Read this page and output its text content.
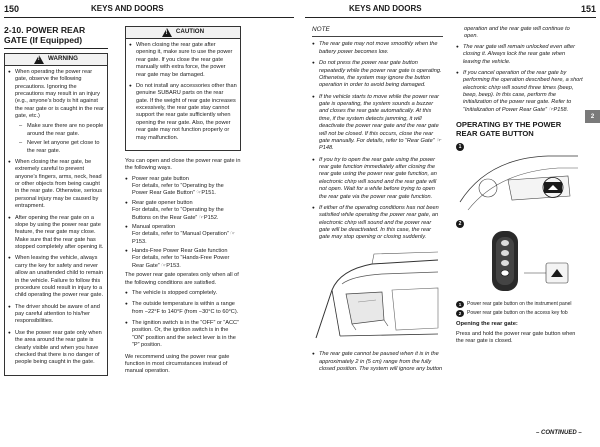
150	KEYS AND DOORS	KEYS AND DOORS	151
2-10. POWER REAR GATE (If Equipped)
!
WARNING
● When operating the power rear gate, observe the following precautions. Ignoring the precautions may result in an injury (e.g., anyone’s body is hit against the rear gate or is caught in the rear gate, etc.)
– Make sure there are no people around the rear gate.
– Never let anyone get close to the rear gate.
● When closing the rear gate, be extremely careful to prevent anyone’s fingers, arms, neck, head or other objects from being caught in the rear gate. Otherwise, serious personal injury may be caused by entrapment.
● After opening the rear gate on a slope by using the power rear gate feature, the rear gate may close. Make sure that the rear gate has stopped completely after opening it.
● When leaving the vehicle, always carry the key for safety and never allow an unattended child to remain in the vehicle. Failure to follow this procedure could result in injury to a child operating the power rear gate.
● The driver should be aware of and pay careful attention to his/her responsibilities.
● Use the power rear gate only when the area around the rear gate is clearly visible and when you have checked that there is no danger of people being caught in the gate.
!
CAUTION
● When closing the rear gate after opening it, make sure to use the power rear gate. If you close the rear gate manually with extra force, the power rear gate may be damaged.
● Do not install any accessories other than genuine SUBARU parts on the rear gate. If the weight of rear gate increases excessively, the rear gate stay cannot support the rear gate sufficiently when opening the rear gate. Also, the power rear gate may not function properly or may malfunction.
You can open and close the power rear gate in the following ways.
● Power rear gate button
For details, refer to “Operating by the Power Rear Gate Button” ☞P151.
● Rear gate opener button
For details, refer to “Operating by the Buttons on the Rear Gate” ☞P152.
● Manual operation
For details, refer to “Manual Operation” ☞P153.
● Hands-Free Power Rear Gate function
For details, refer to “Hands-Free Power Rear Gate” ☞P153.
The power rear gate operates only when all of the following conditions are satisfied.
● The vehicle is stopped completely.
● The outside temperature is within a range from −22°F to 140°F (from −30°C to 60°C).
● The ignition switch is in the “OFF” or “ACC” position. Or, the ignition switch is in the “ON” position and the select lever is in the “P” position.
We recommend using the power rear gate function in most circumstances instead of manual operation.
NOTE
● The rear gate may not move smoothly when the battery power becomes low.
● Do not press the power rear gate button repeatedly while the power rear gate is operating. Otherwise, the system may ignore the button operation in order to avoid being damaged.
● If the vehicle starts to move while the power rear gate is operating, the system sounds a buzzer and closes the rear gate automatically. At this time, if the system detects jamming, it will deactivate the power rear gate and the rear gate will not be closed. If this occurs, close the rear gate manually. For details, refer to “Rear Gate” ☞P148.
● If you try to open the rear gate using the power rear gate function immediately after closing the rear gate using the power rear gate function, an electronic chirp will sound and the rear gate will not open. Wait for a while before trying to open the rear gate via the power rear gate function.
● If either of the operating conditions has not been satisfied while operating the power rear gate, an electronic chirp will sound and the power rear gate will be deactivated. In this case, the rear gate may stop opening or closing suddenly.
● The rear gate cannot be paused when it is in the approximately 2 in (5 cm) range from the fully closed position. The system will ignore any button
2
operation and the rear gate will continue to open.
● The rear gate will remain unlocked even after closing it. Always lock the rear gate when leaving the vehicle.
● If you cancel operation of the rear gate by performing the operation described here, a short electronic chirp will sound three times (beep, beep, beep). In this case, perform the initialization of the power rear gate. Refer to “Initialization of Power Rear Gate” ☞P158.
OPERATING BY THE POWER REAR GATE BUTTON
1
2
1	Power rear gate button on the instrument panel
2	Power rear gate button on the access key fob
Opening the rear gate:
Press and hold the power rear gate button when the rear gate is closed.
– CONTINUED –
